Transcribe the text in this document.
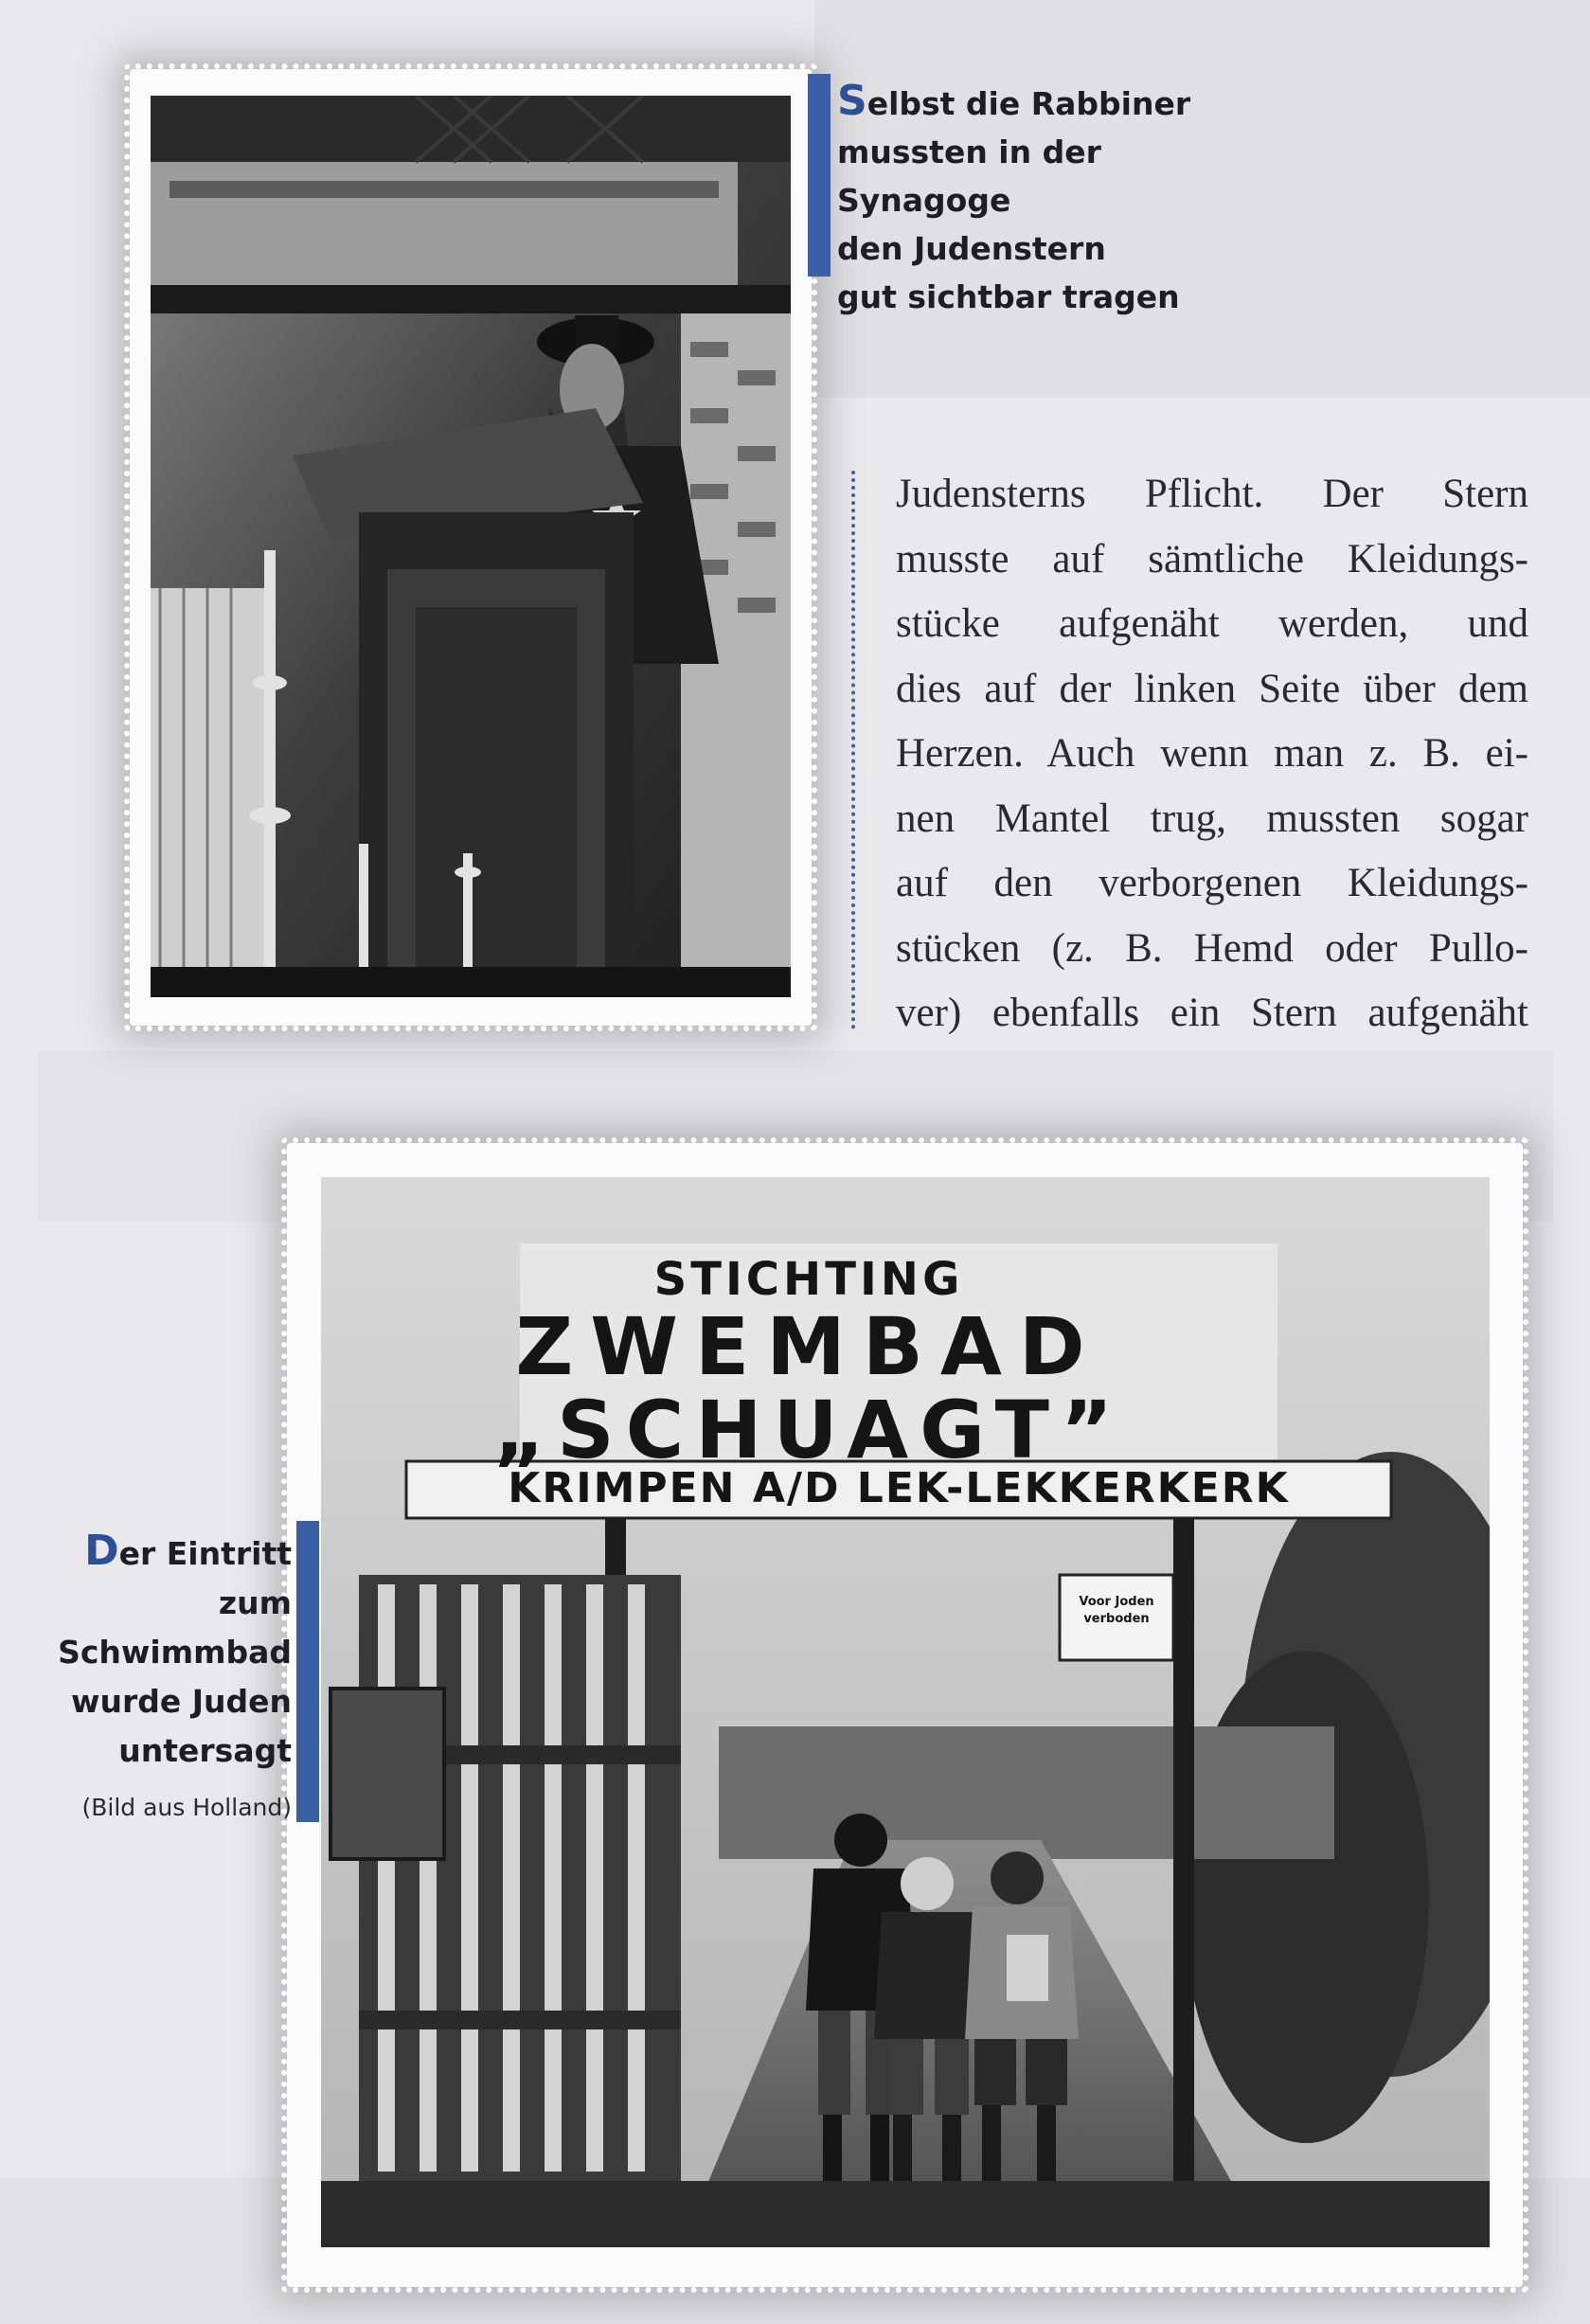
Selbst die Rabbiner
mussten in der Synagoge
den Judenstern
gut sichtbar tragen
Judensterns Pflicht. Der Stern
musste auf sämtliche Kleidungs-
stücke aufgenäht werden, und
dies auf der linken Seite über dem
Herzen. Auch wenn man z. B. ei-
nen Mantel trug, mussten sogar
auf den verborgenen Kleidungs-
stücken (z. B. Hemd oder Pullo-
ver) ebenfalls ein Stern aufgenäht
STICHTING
ZWEMBAD
„SCHUAGT”
KRIMPEN A/D LEK-LEKKERKERK
Voor Joden verboden
Der Eintritt
zum
Schwimmbad
wurde Juden
untersagt
(Bild aus Holland)
